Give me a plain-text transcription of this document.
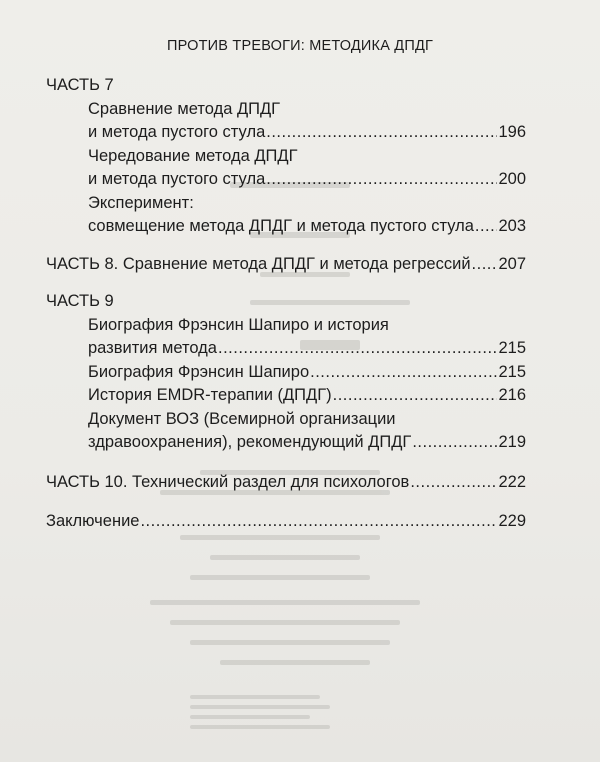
ПРОТИВ ТРЕВОГИ: МЕТОДИКА ДПДГ
ЧАСТЬ 7
Сравнение метода ДПДГ
и метода пустого стула .....	196
Чередование метода ДПДГ
и метода пустого стула .....	200
Эксперимент:
совмещение метода ДПДГ и метода пустого стула ..... 203
ЧАСТЬ 8. Сравнение метода ДПДГ и метода регрессий ..... 207
ЧАСТЬ 9
Биография Фрэнсин Шапиро и история
развития метода .....	215
Биография Фрэнсин Шапиро .....	215
История EMDR-терапии (ДПДГ) .....	216
Документ ВОЗ (Всемирной организации
здравоохранения), рекомендующий ДПДГ .....	219
ЧАСТЬ 10. Технический раздел для психологов .....	222
Заключение .....	229
